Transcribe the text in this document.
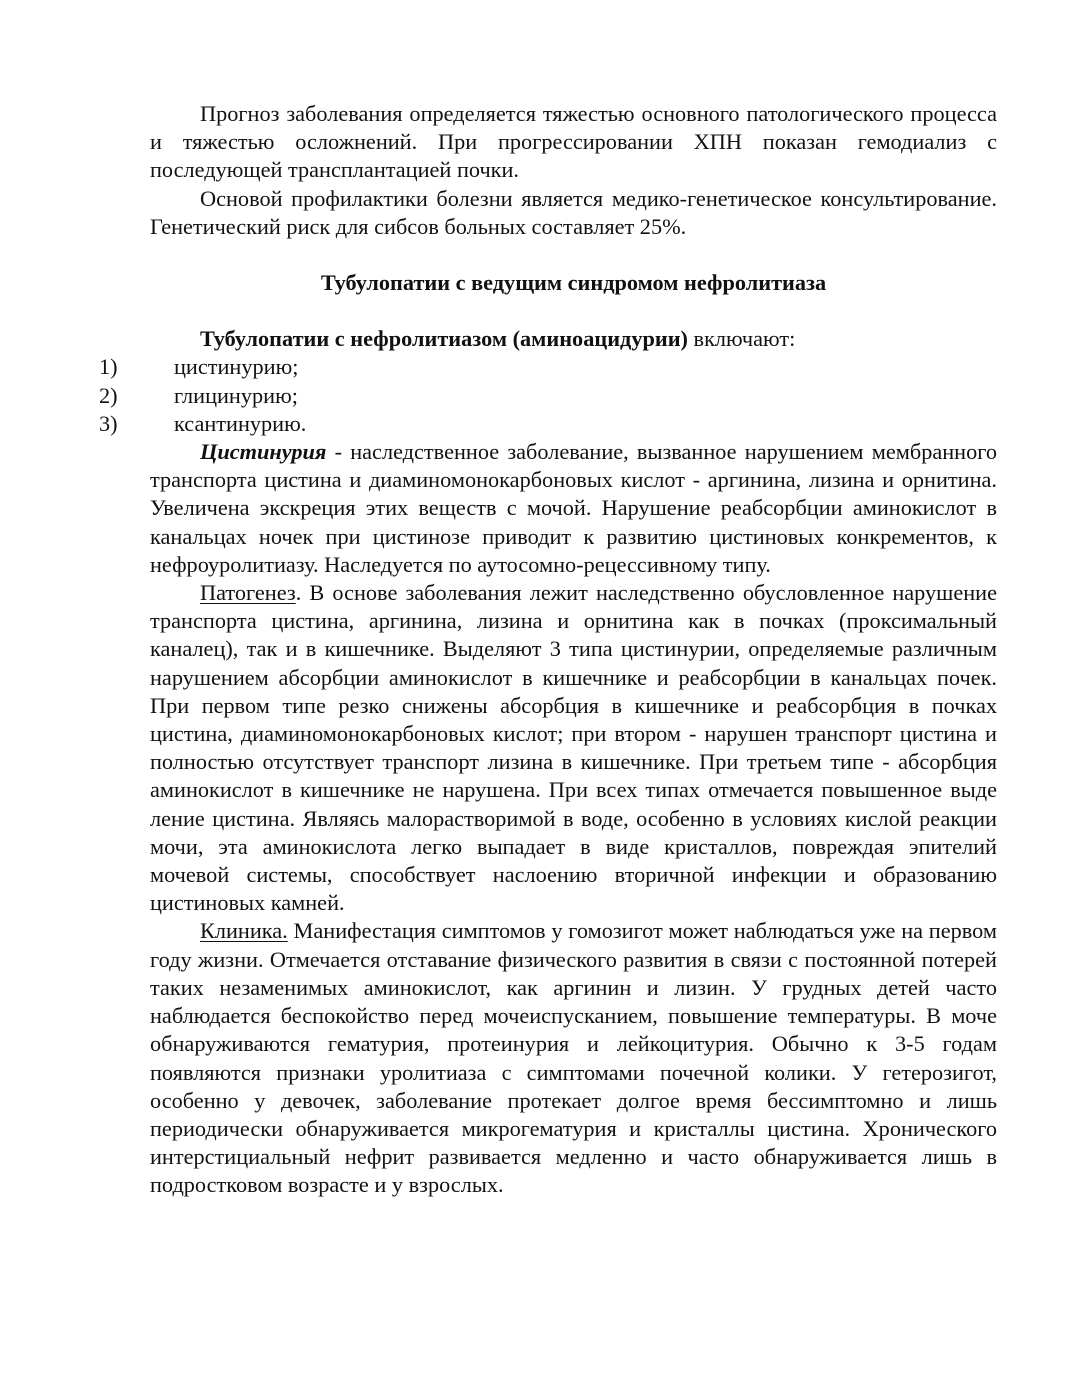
Прогноз заболевания определяется тяжестью основного патологического процесса и тяжестью осложнений. При прогрессировании ХПН показан гемодиализ с последующей трансплантацией почки.

Основой профилактики болезни является медико-генетическое консультирование. Генетический риск для сибсов больных составляет 25%.

Тубулопатии с ведущим синдромом нефролитиаза

Тубулопатии с нефролитиазом (аминоацидурии) включают:

1)	цистинурию;
2)	глицинурию;
3)	ксантинурию.

Цистинурия - наследственное заболевание, вызванное нарушением мембранного транспорта цистина и диаминомонокарбоновых кислот - аргинина, лизина и орнитина. Увеличена экскреция этих веществ с мочой. Нарушение реабсорбции аминокислот в канальцах ночек при цистинозе приводит к развитию цистиновых конкрементов, к нефроуролитиазу. Наследуется по аутосомно-рецессивному типу.

Патогенез. В основе заболевания лежит наследственно обусловленное нарушение транспорта цистина, аргинина, лизина и орнитина как в почках (проксимальный каналец), так и в кишечнике. Выделяют 3 типа цистинурии, определяемые различным нарушением абсорбции аминокислот в кишечнике и реабсорбции в канальцах почек. При первом типе резко снижены абсорбция в кишечнике и реабсорбция в почках цистина, диаминомонокарбоновых кислот; при втором - нарушен транспорт цистина и полностью отсутствует транспорт лизина в кишечнике. При третьем типе - абсорбция аминокислот в кишечнике не нарушена. При всех типах отмечается повышенное выде ление цистина. Являясь малорастворимой в воде, особенно в условиях кислой реакции мочи, эта аминокислота легко выпадает в виде кристаллов, повреждая эпителий мочевой системы, способствует наслоению вторичной инфекции и образованию цистиновых камней.

Клиника. Манифестация симптомов у гомозигот может наблюдаться уже на первом году жизни. Отмечается отставание физического развития в связи с постоянной потерей таких незаменимых аминокислот, как аргинин и лизин. У грудных детей часто наблюдается беспокойство перед мочеиспусканием, повышение температуры. В моче обнаруживаются гематурия, протеинурия и лейкоцитурия. Обычно к 3-5 годам появляются признаки уролитиаза с симптомами почечной колики. У гетерозигот, особенно у девочек, заболевание протекает долгое время бессимптомно и лишь периодически обнаруживается микрогематурия и кристаллы цистина. Хронического интерстициальный нефрит развивается медленно и часто обнаруживается лишь в подростковом возрасте и у взрослых.
